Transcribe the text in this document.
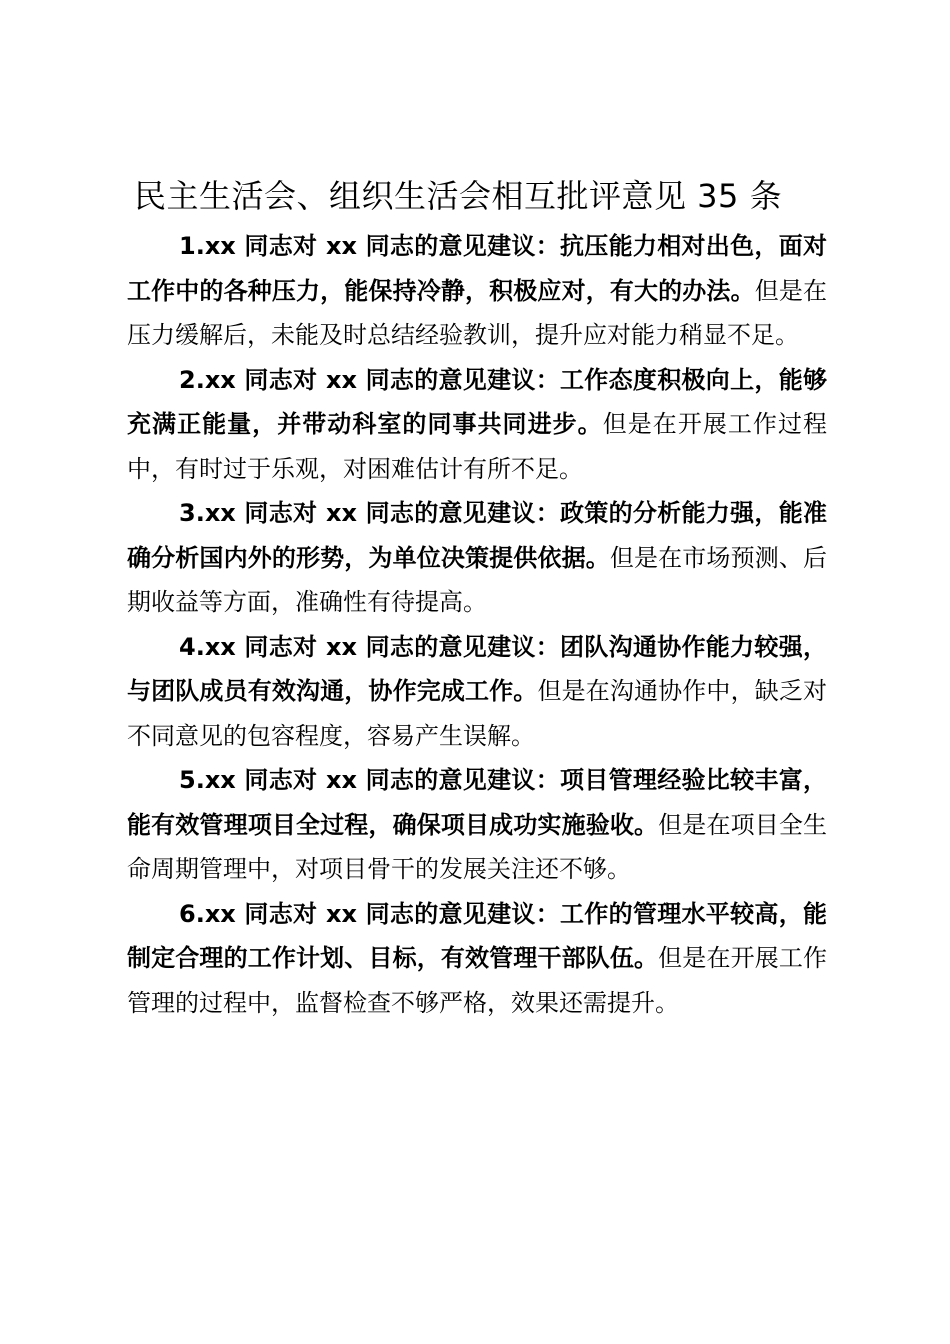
民主生活会、组织生活会相互批评意见 35 条

1.xx 同志对 xx 同志的意见建议：抗压能力相对出色，面对工作中的各种压力，能保持冷静，积极应对，有大的办法。但是在压力缓解后，未能及时总结经验教训，提升应对能力稍显不足。

2.xx 同志对 xx 同志的意见建议：工作态度积极向上，能够充满正能量，并带动科室的同事共同进步。但是在开展工作过程中，有时过于乐观，对困难估计有所不足。

3.xx 同志对 xx 同志的意见建议：政策的分析能力强，能准确分析国内外的形势，为单位决策提供依据。但是在市场预测、后期收益等方面，准确性有待提高。

4.xx 同志对 xx 同志的意见建议：团队沟通协作能力较强，与团队成员有效沟通，协作完成工作。但是在沟通协作中，缺乏对不同意见的包容程度，容易产生误解。

5.xx 同志对 xx 同志的意见建议：项目管理经验比较丰富，能有效管理项目全过程，确保项目成功实施验收。但是在项目全生命周期管理中，对项目骨干的发展关注还不够。

6.xx 同志对 xx 同志的意见建议：工作的管理水平较高，能制定合理的工作计划、目标，有效管理干部队伍。但是在开展工作管理的过程中，监督检查不够严格，效果还需提升。
